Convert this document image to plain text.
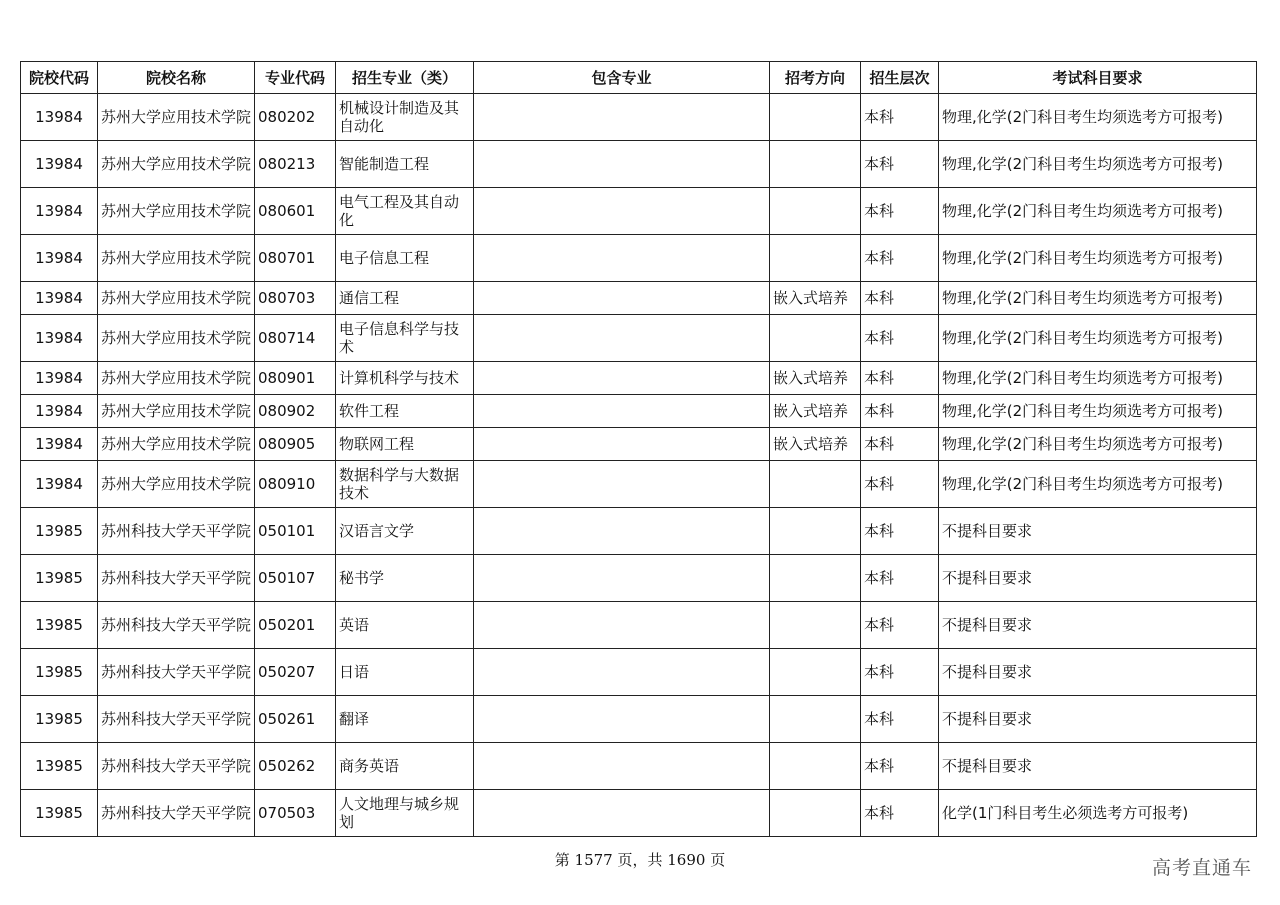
院校代码	院校名称	专业代码	招生专业（类）	包含专业	招考方向	招生层次	考试科目要求

13984	苏州大学应用技术学院	080202	机械设计制造及其自动化			本科	物理,化学(2门科目考生均须选考方可报考)

13984	苏州大学应用技术学院	080213	智能制造工程			本科	物理,化学(2门科目考生均须选考方可报考)

13984	苏州大学应用技术学院	080601	电气工程及其自动化			本科	物理,化学(2门科目考生均须选考方可报考)

13984	苏州大学应用技术学院	080701	电子信息工程			本科	物理,化学(2门科目考生均须选考方可报考)

13984	苏州大学应用技术学院	080703	通信工程		嵌入式培养	本科	物理,化学(2门科目考生均须选考方可报考)

13984	苏州大学应用技术学院	080714	电子信息科学与技术			本科	物理,化学(2门科目考生均须选考方可报考)

13984	苏州大学应用技术学院	080901	计算机科学与技术		嵌入式培养	本科	物理,化学(2门科目考生均须选考方可报考)

13984	苏州大学应用技术学院	080902	软件工程		嵌入式培养	本科	物理,化学(2门科目考生均须选考方可报考)

13984	苏州大学应用技术学院	080905	物联网工程		嵌入式培养	本科	物理,化学(2门科目考生均须选考方可报考)

13984	苏州大学应用技术学院	080910	数据科学与大数据技术			本科	物理,化学(2门科目考生均须选考方可报考)

13985	苏州科技大学天平学院	050101	汉语言文学			本科	不提科目要求

13985	苏州科技大学天平学院	050107	秘书学			本科	不提科目要求

13985	苏州科技大学天平学院	050201	英语			本科	不提科目要求

13985	苏州科技大学天平学院	050207	日语			本科	不提科目要求

13985	苏州科技大学天平学院	050261	翻译			本科	不提科目要求

13985	苏州科技大学天平学院	050262	商务英语			本科	不提科目要求

13985	苏州科技大学天平学院	070503	人文地理与城乡规划			本科	化学(1门科目考生必须选考方可报考)
第 1577 页，共 1690 页	高考直通车
